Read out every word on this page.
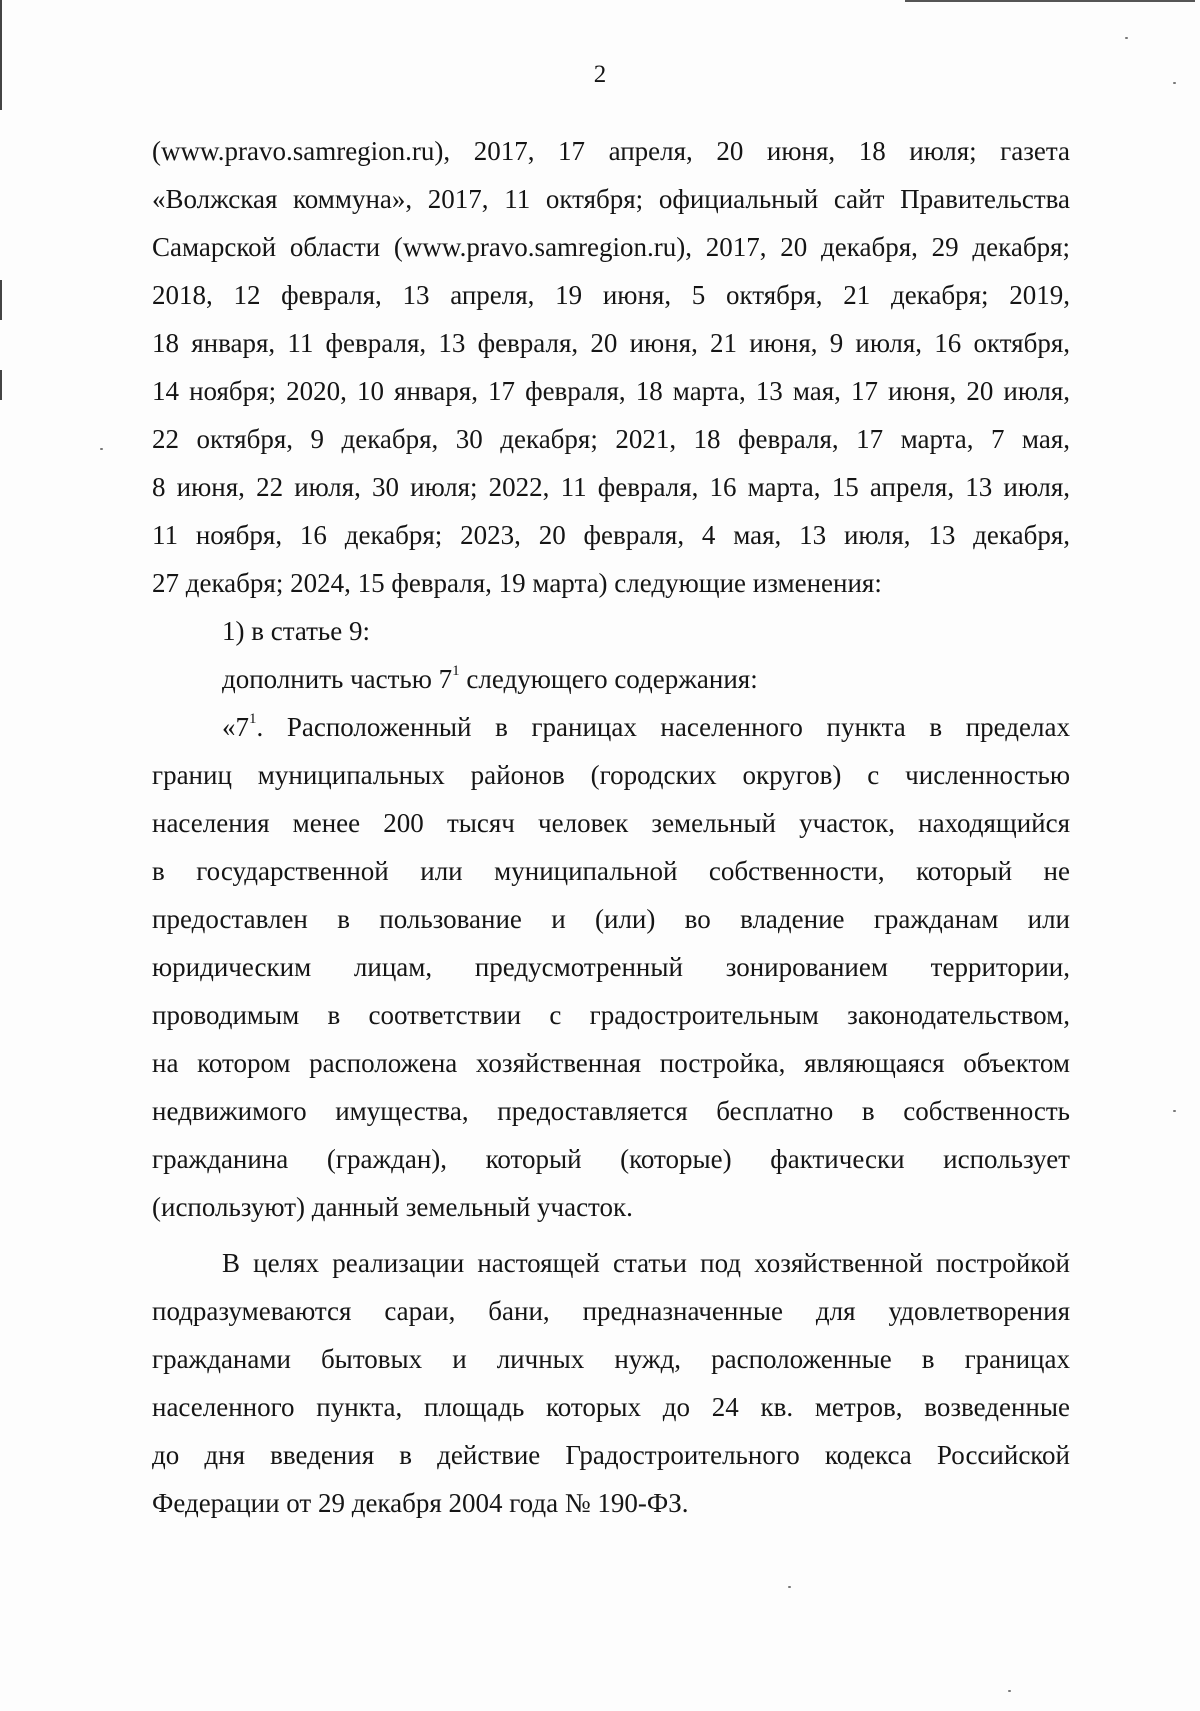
2
(www.pravo.samregion.ru), 2017, 17 апреля, 20 июня, 18 июля; газета
«Волжская коммуна», 2017, 11 октября; официальный сайт Правительства
Самарской области (www.pravo.samregion.ru), 2017, 20 декабря, 29 декабря;
2018, 12 февраля, 13 апреля, 19 июня, 5 октября, 21 декабря; 2019,
18 января, 11 февраля, 13 февраля, 20 июня, 21 июня, 9 июля, 16 октября,
14 ноября; 2020, 10 января, 17 февраля, 18 марта, 13 мая, 17 июня, 20 июля,
22 октября, 9 декабря, 30 декабря; 2021, 18 февраля, 17 марта, 7 мая,
8 июня, 22 июля, 30 июля; 2022, 11 февраля, 16 марта, 15 апреля, 13 июля,
11 ноября, 16 декабря; 2023, 20 февраля, 4 мая, 13 июля, 13 декабря,
27 декабря; 2024, 15 февраля, 19 марта) следующие изменения:
1) в статье 9:
дополнить частью $7^1$ следующего содержания:
«$7^1$. Расположенный в границах населенного пункта в пределах
границ муниципальных районов (городских округов) с численностью
населения менее 200 тысяч человек земельный участок, находящийся
в государственной или муниципальной собственности, который не
предоставлен в пользование и (или) во владение гражданам или
юридическим лицам, предусмотренный зонированием территории,
проводимым в соответствии с градостроительным законодательством,
на котором расположена хозяйственная постройка, являющаяся объектом
недвижимого имущества, предоставляется бесплатно в собственность
гражданина (граждан), который (которые) фактически использует
(используют) данный земельный участок.
В целях реализации настоящей статьи под хозяйственной постройкой
подразумеваются сараи, бани, предназначенные для удовлетворения
гражданами бытовых и личных нужд, расположенные в границах
населенного пункта, площадь которых до 24 кв. метров, возведенные
до дня введения в действие Градостроительного кодекса Российской
Федерации от 29 декабря 2004 года № 190-ФЗ.
